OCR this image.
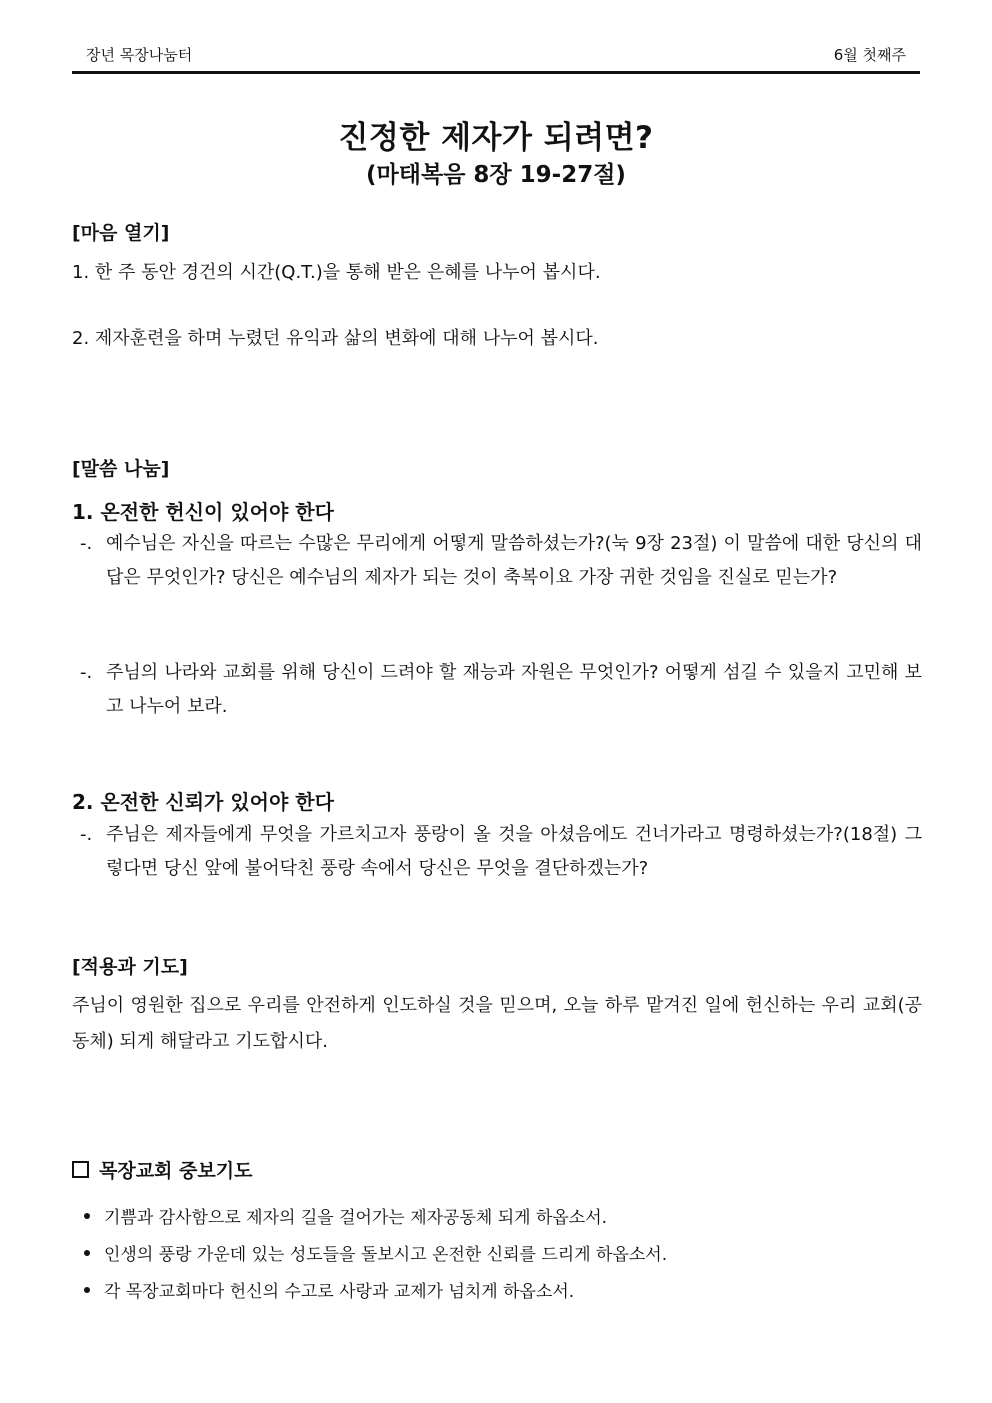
장년 목장나눔터	6월 첫째주
진정한 제자가 되려면?
(마태복음 8장 19-27절)
[마음 열기]
1. 한 주 동안 경건의 시간(Q.T.)을 통해 받은 은혜를 나누어 봅시다.
2. 제자훈련을 하며 누렸던 유익과 삶의 변화에 대해 나누어 봅시다.
[말씀 나눔]
1. 온전한 헌신이 있어야 한다
-. 예수님은 자신을 따르는 수많은 무리에게 어떻게 말씀하셨는가?(눅 9장 23절) 이 말씀에 대한 당신의 대답은 무엇인가? 당신은 예수님의 제자가 되는 것이 축복이요 가장 귀한 것임을 진실로 믿는가?
-. 주님의 나라와 교회를 위해 당신이 드려야 할 재능과 자원은 무엇인가? 어떻게 섬길 수 있을지 고민해 보고 나누어 보라.
2. 온전한 신뢰가 있어야 한다
-. 주님은 제자들에게 무엇을 가르치고자 풍랑이 올 것을 아셨음에도 건너가라고 명령하셨는가?(18절) 그렇다면 당신 앞에 불어닥친 풍랑 속에서 당신은 무엇을 결단하겠는가?
[적용과 기도]
주님이 영원한 집으로 우리를 안전하게 인도하실 것을 믿으며, 오늘 하루 맡겨진 일에 헌신하는 우리 교회(공동체) 되게 해달라고 기도합시다.
목장교회 중보기도
기쁨과 감사함으로 제자의 길을 걸어가는 제자공동체 되게 하옵소서.
인생의 풍랑 가운데 있는 성도들을 돌보시고 온전한 신뢰를 드리게 하옵소서.
각 목장교회마다 헌신의 수고로 사랑과 교제가 넘치게 하옵소서.
